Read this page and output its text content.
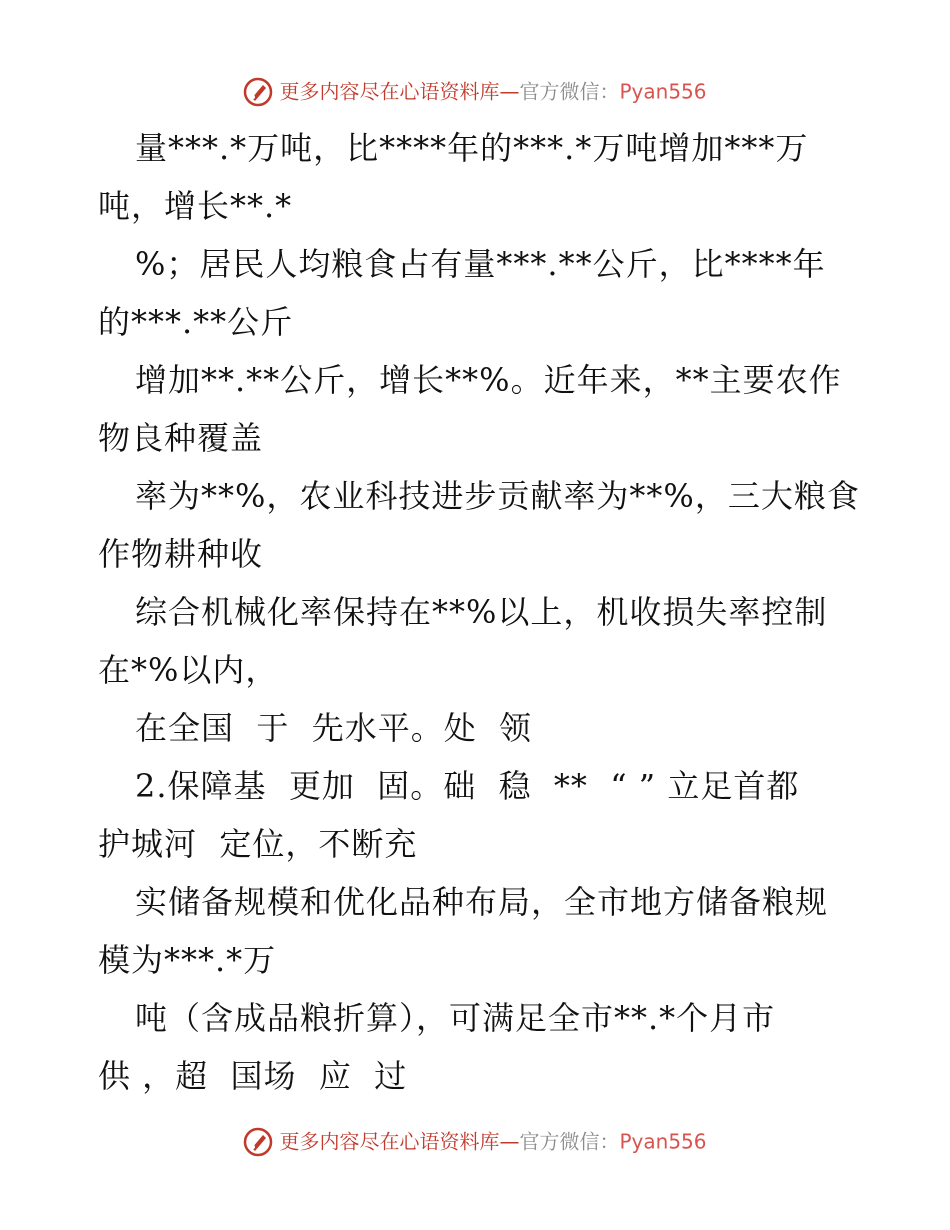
更多内容尽在心语资料库—官方微信：Pyan556
量***.*万吨，比****年的***.*万吨增加***万
吨，增长**.*
%；居民人均粮食占有量***.**公斤，比****年
的***.**公斤
增加**.**公斤，增长**%。近年来，**主要农作
物良种覆盖
率为**%，农业科技进步贡献率为**%，三大粮食
作物耕种收
综合机械化率保持在**%以上，机收损失率控制
在*%以内，
在全国  于  先水平。处  领
2.保障基  更加  固。础  稳  **  “ ” 立足首都
护城河  定位，不断充
实储备规模和优化品种布局，全市地方储备粮规
模为***.*万
吨（含成品粮折算），可满足全市**.*个月市
供 ，超  国场  应  过
更多内容尽在心语资料库—官方微信：Pyan556
